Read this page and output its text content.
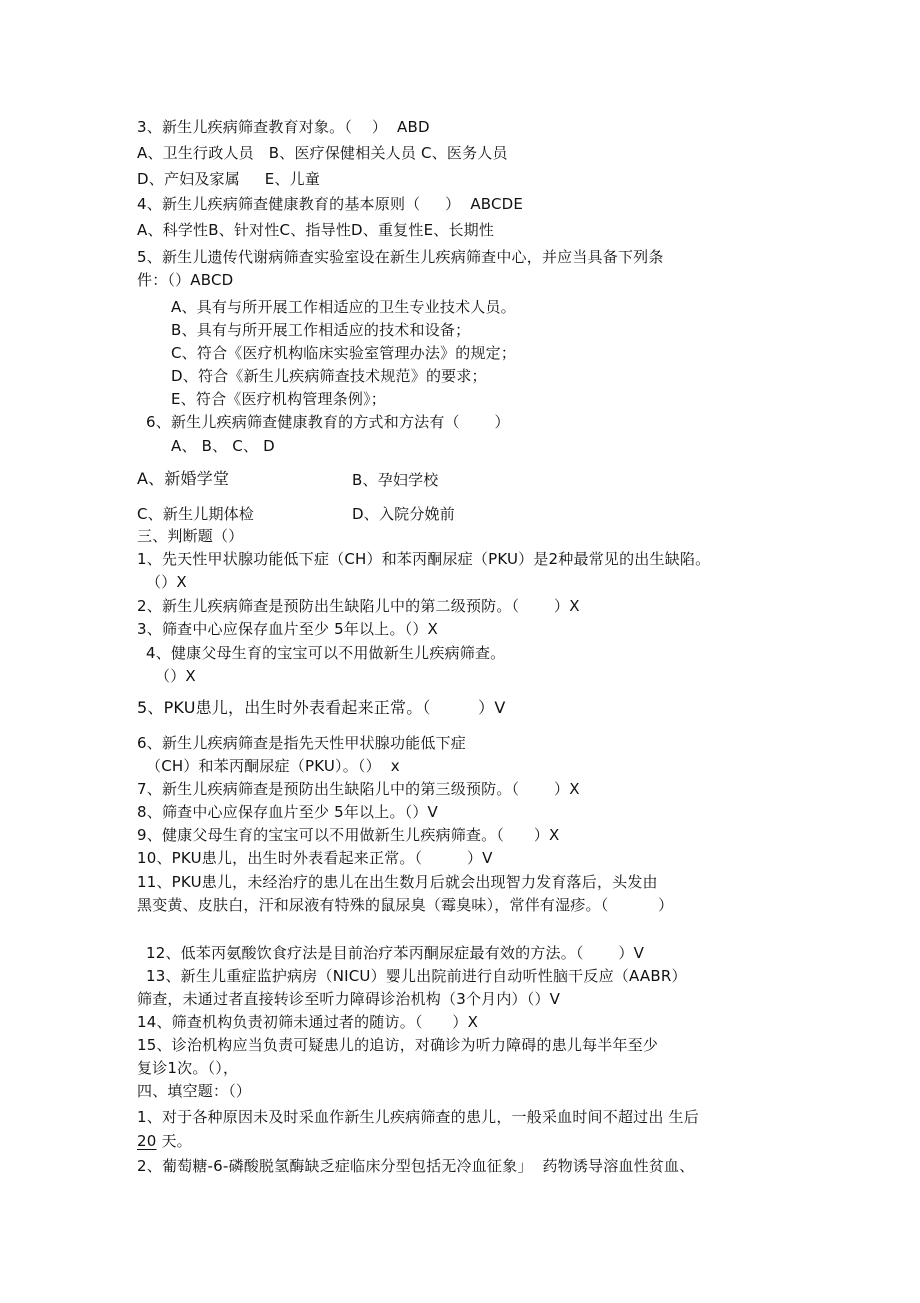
3、新生儿疾病筛查教育对象。（    ）  ABD
A、卫生行政人员   B、医疗保健相关人员 C、医务人员
D、产妇及家属     E、儿童
4、新生儿疾病筛查健康教育的基本原则（     ）  ABCDE
A、科学性B、针对性C、指导性D、重复性E、长期性
5、新生儿遗传代谢病筛查实验室设在新生儿疾病筛查中心，并应当具备下列条
件：（）ABCD
A、具有与所开展工作相适应的卫生专业技术人员。
B、具有与所开展工作相适应的技术和设备；
C、符合《医疗机构临床实验室管理办法》的规定；
D、符合《新生儿疾病筛查技术规范》的要求；
E、符合《医疗机构管理条例》；
6、新生儿疾病筛查健康教育的方式和方法有（       ）
A、 B、 C、 D
A、新婚学堂	B、孕妇学校
C、新生儿期体检	D、入院分娩前
三、判断题（）
1、先天性甲状腺功能低下症（CH）和苯丙酮尿症（PKU）是2种最常见的出生缺陷。
（）X
2、新生儿疾病筛查是预防出生缺陷儿中的第二级预防。（       ）X
3、筛查中心应保存血片至少 5年以上。（）X
4、健康父母生育的宝宝可以不用做新生儿疾病筛查。
（）X
5、PKU患儿，出生时外表看起来正常。（         ）V
6、新生儿疾病筛查是指先天性甲状腺功能低下症
（CH）和苯丙酮尿症（PKU）。（）  x
7、新生儿疾病筛查是预防出生缺陷儿中的第三级预防。（       ）X
8、筛查中心应保存血片至少 5年以上。（）V
9、健康父母生育的宝宝可以不用做新生儿疾病筛查。（      ）X
10、PKU患儿，出生时外表看起来正常。（         ）V
11、PKU患儿，未经治疗的患儿在出生数月后就会出现智力发育落后，头发由
黑变黄、皮肤白，汗和尿液有特殊的鼠尿臭（霉臭味），常伴有湿疹。（          ）
12、低苯丙氨酸饮食疗法是目前治疗苯丙酮尿症最有效的方法。（       ）V
13、新生儿重症监护病房（NICU）婴儿出院前进行自动听性脑干反应（AABR）
筛查，未通过者直接转诊至听力障碍诊治机构（3个月内）（）V
14、筛查机构负责初筛未通过者的随访。（      ）X
15、诊治机构应当负责可疑患儿的追访，对确诊为听力障碍的患儿每半年至少
复诊1次。（），
四、填空题：（）
1、对于各种原因未及时采血作新生儿疾病筛查的患儿，一般采血时间不超过出 生后
20 天。
2、葡萄糖-6-磷酸脱氢酶缺乏症临床分型包括无冷血征象」  药物诱导溶血性贫血、
